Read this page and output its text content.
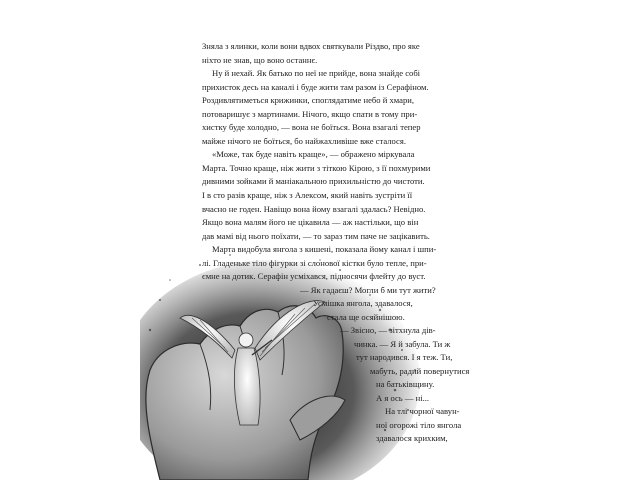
Зняла з ялинки, коли вони вдвох святкували Різдво, про яке
ніхто не знав, що воно останнє.
Ну й нехай. Як батько по неї не прийде, вона знайде собі
прихисток десь на каналі і буде жити там разом із Серафіном.
Роздивлятиметься крижинки, споглядатиме небо й хмари,
потоваришує з мартинами. Нічого, якщо спати в тому при-
хистку буде холодно, — вона не боїться. Вона взагалі тепер
майже нічого не боїться, бо найжахливіше вже сталося.
«Може, так буде навіть краще», — ображено міркувала
Марта. Точно краще, ніж жити з тіткою Кірою, з її похмурими
дивними зойками й маніакальною прихильністю до чистоти.
І в сто разів краще, ніж з Алексом, який навіть зустріти її
вчасно не годен. Навіщо вона йому взагалі здалась? Невідно.
Якщо вона малям його не цікавила — аж настільки, що він
дав мамі від нього поїхати, — то зараз тим паче не зацікавить.
Марта видобула янгола з кишені, показала йому канал і шпи-
лі. Гладеньке тіло фігурки зі слонової кістки було тепле, при-
ємне на дотик. Серафін усміхався, підносячи флейту до вуст.
— Як гадаєш? Могли б ми тут жити?
Усмішка янгола, здавалося,
стала ще осяйнішою.
— Звісно, — зітхнула дів-
чинка. — Я й забула. Ти ж
тут народився. І я теж. Ти,
мабуть, радий повернутися
на батьківщину.
А я ось — ні...
На тлі чорної чавун-
ної огорожі тіло янгола
здавалося крихким,
